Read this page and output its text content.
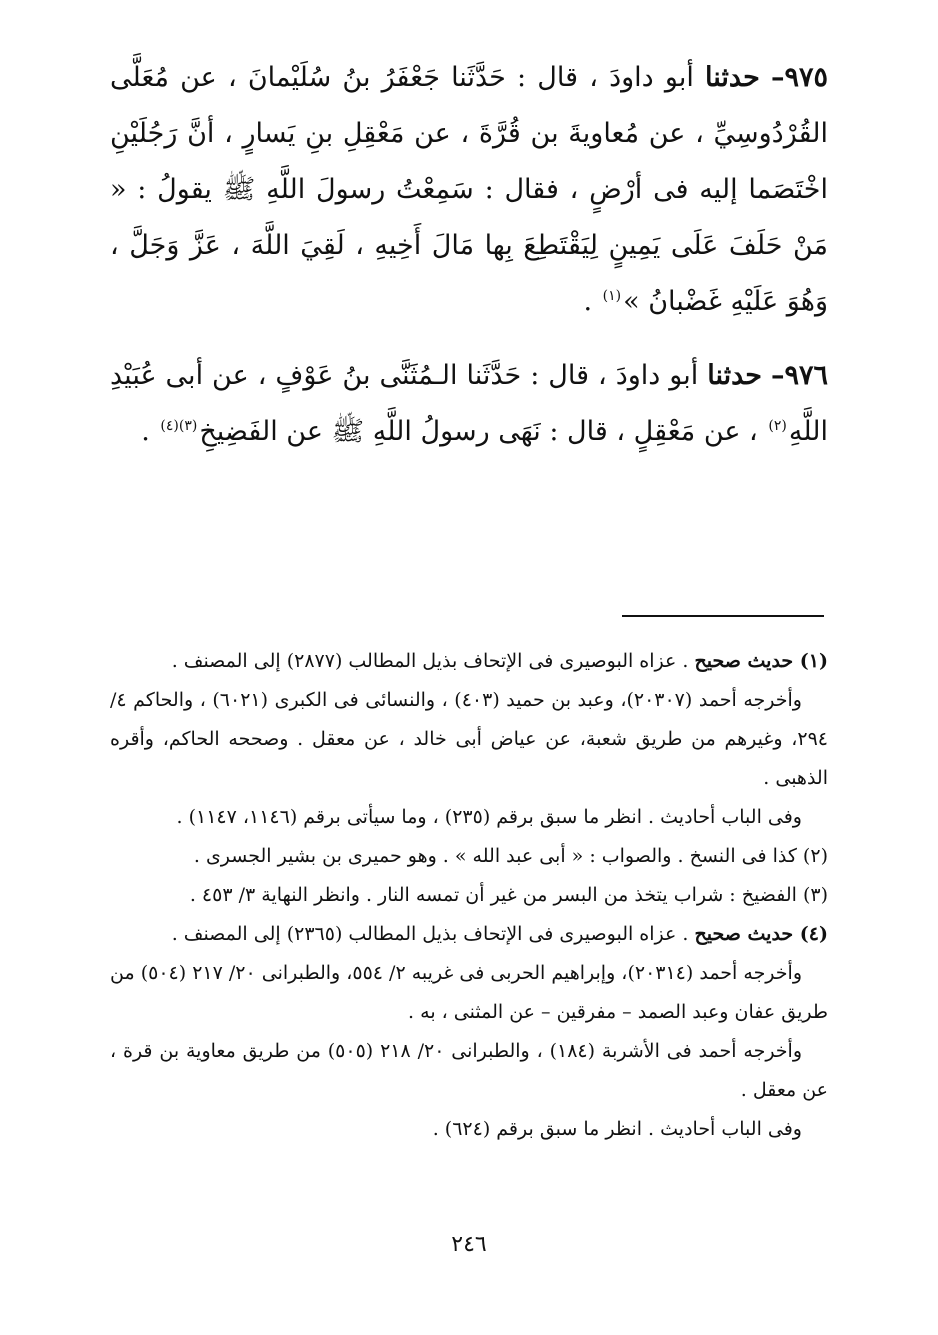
٩٧٥– حدثنا أبو داودَ ، قال : حَدَّثَنا جَعْفَرُ بنُ سُلَيْمانَ ، عن مُعَلَّى القُرْدُوسِيِّ ، عن مُعاويةَ بن قُرَّةَ ، عن مَعْقِلِ بنِ يَسارٍ ، أنَّ رَجُلَيْنِ اخْتَصَما إليه فى أرْضٍ ، فقال : سَمِعْتُ رسولَ اللَّهِ ﷺ يقولُ : « مَنْ حَلَفَ عَلَى يَمِينٍ لِيَقْتَطِعَ بِها مَالَ أَخِيهِ ، لَقِيَ اللَّهَ ، عَزَّ وَجَلَّ ، وَهُوَ عَلَيْهِ غَضْبانُ »$^{(١)}$ .

٩٧٦– حدثنا أبو داودَ ، قال : حَدَّثَنا الـمُثَنَّى بنُ عَوْفٍ ، عن أبى عُبَيْدِ اللَّهِ$^{(٢)}$ ، عن مَعْقِلٍ ، قال : نَهَى رسولُ اللَّهِ ﷺ عن الفَضِيخِ$^{(٣)(٤)}$ .

(١) حديث صحيح . عزاه البوصيرى فى الإتحاف بذيل المطالب (٢٨٧٧) إلى المصنف .

وأخرجه أحمد (٢٠٣٠٧)، وعبد بن حميد (٤٠٣) ، والنسائى فى الكبرى (٦٠٢١) ، والحاكم ٤/ ٢٩٤، وغيرهم من طريق شعبة، عن عياض أبى خالد ، عن معقل . وصححه الحاكم، وأقره الذهبى .

وفى الباب أحاديث . انظر ما سبق برقم (٢٣٥) ، وما سيأتى برقم (١١٤٦، ١١٤٧) .

(٢) كذا فى النسخ . والصواب : « أبى عبد الله » . وهو حميرى بن بشير الجسرى .

(٣) الفضيخ : شراب يتخذ من البسر من غير أن تمسه النار . وانظر النهاية ٣/ ٤٥٣ .

(٤) حديث صحيح . عزاه البوصيرى فى الإتحاف بذيل المطالب (٢٣٦٥) إلى المصنف .

وأخرجه أحمد (٢٠٣١٤)، وإبراهيم الحربى فى غريبه ٢/ ٥٥٤، والطبرانى ٢٠/ ٢١٧ (٥٠٤) من طريق عفان وعبد الصمد – مفرقين – عن المثنى ، به .

وأخرجه أحمد فى الأشربة (١٨٤) ، والطبرانى ٢٠/ ٢١٨ (٥٠٥) من طريق معاوية بن قرة ، عن معقل .

وفى الباب أحاديث . انظر ما سبق برقم (٦٢٤) .

٢٤٦
